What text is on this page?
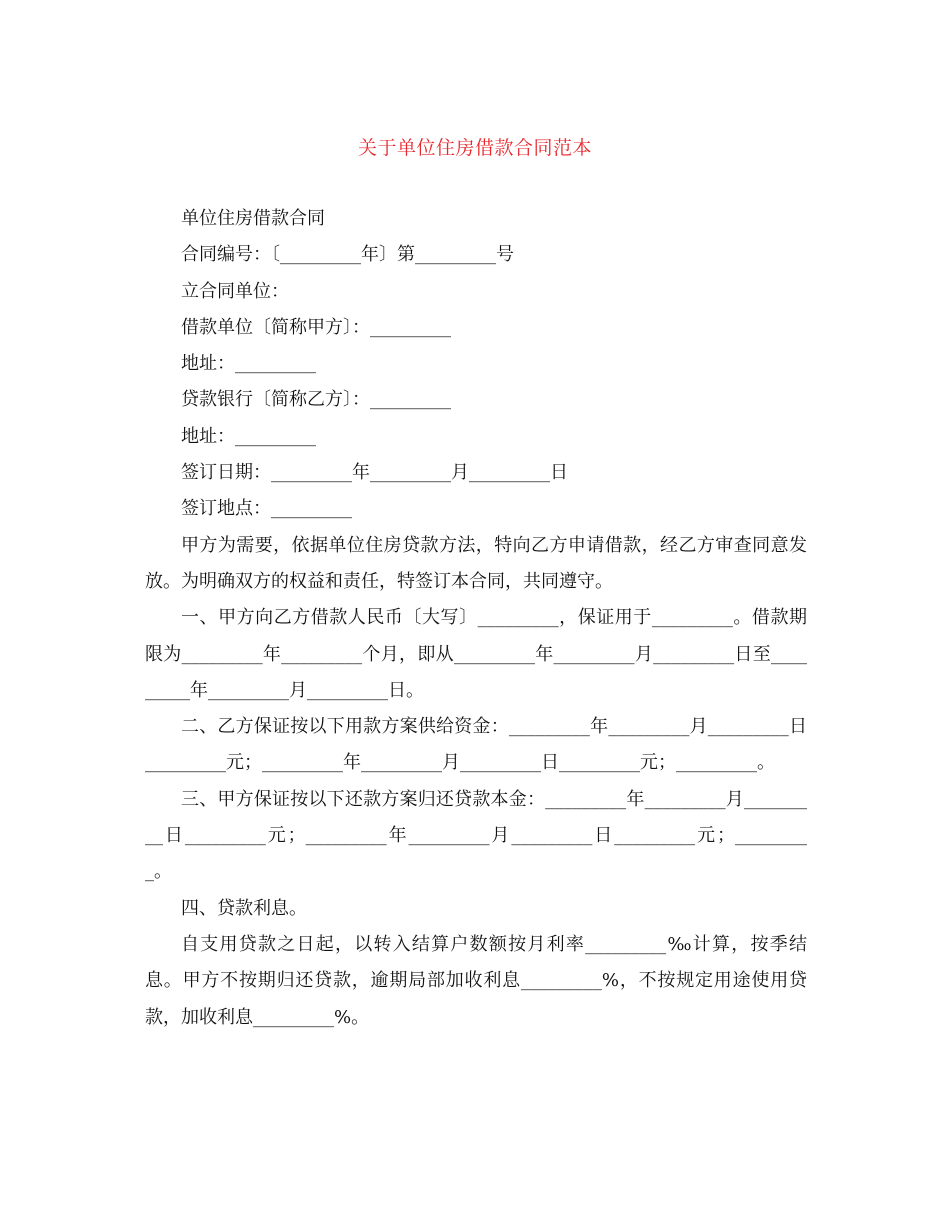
关于单位住房借款合同范本

单位住房借款合同

合同编号：〔_________年〕第_________号

立合同单位：

借款单位〔简称甲方〕：_________

地址：_________

贷款银行〔简称乙方〕：_________

地址：_________

签订日期：_________年_________月_________日

签订地点：_________

甲方为需要，依据单位住房贷款方法，特向乙方申请借款，经乙方审查同意发放。为明确双方的权益和责任，特签订本合同，共同遵守。

一、甲方向乙方借款人民币〔大写〕_________，保证用于_________。借款期限为_________年_________个月，即从_________年_________月_________日至_________年_________月_________日。

二、乙方保证按以下用款方案供给资金：_________年_________月_________日_________元；_________年_________月_________日_________元；_________。

三、甲方保证按以下还款方案归还贷款本金：_________年_________月_________日_________元；_________年_________月_________日_________元；_________。

四、贷款利息。

自支用贷款之日起，以转入结算户数额按月利率_________‰计算，按季结息。甲方不按期归还贷款，逾期局部加收利息_________%，不按规定用途使用贷款，加收利息_________%。
